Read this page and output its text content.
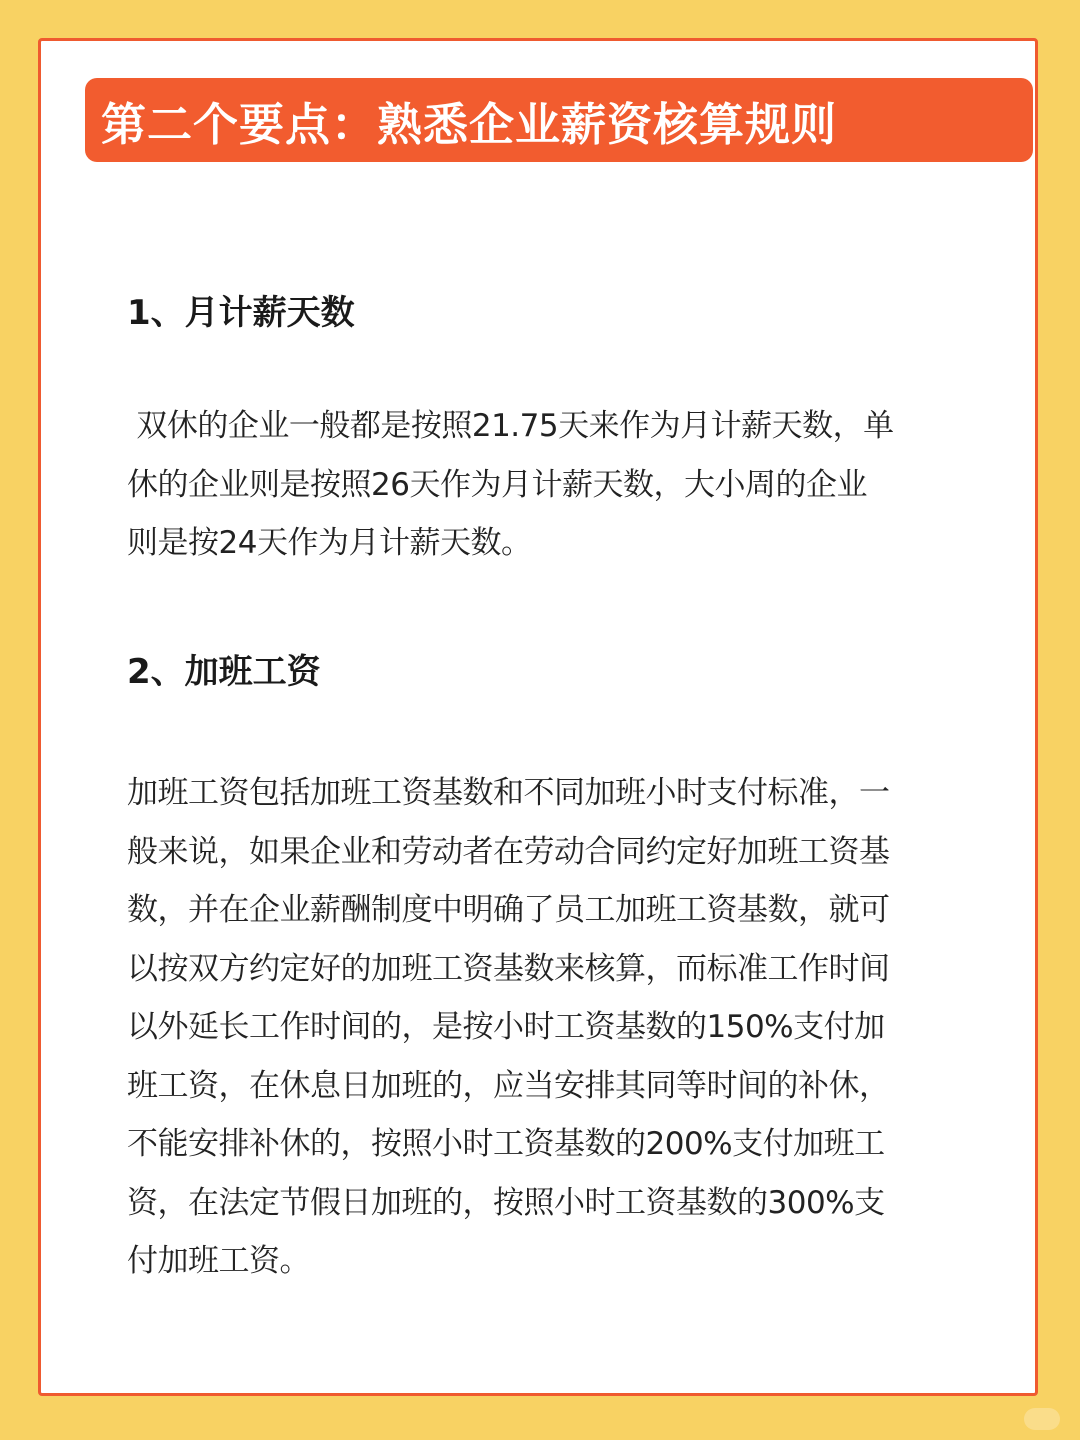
第二个要点：熟悉企业薪资核算规则
1、月计薪天数

双休的企业一般都是按照21.75天来作为月计薪天数，单
休的企业则是按照26天作为月计薪天数，大小周的企业
则是按24天作为月计薪天数。

2、加班工资

加班工资包括加班工资基数和不同加班小时支付标准，一
般来说，如果企业和劳动者在劳动合同约定好加班工资基
数，并在企业薪酬制度中明确了员工加班工资基数，就可
以按双方约定好的加班工资基数来核算，而标准工作时间
以外延长工作时间的，是按小时工资基数的150%支付加
班工资，在休息日加班的，应当安排其同等时间的补休，
不能安排补休的，按照小时工资基数的200%支付加班工
资，在法定节假日加班的，按照小时工资基数的300%支
付加班工资。
